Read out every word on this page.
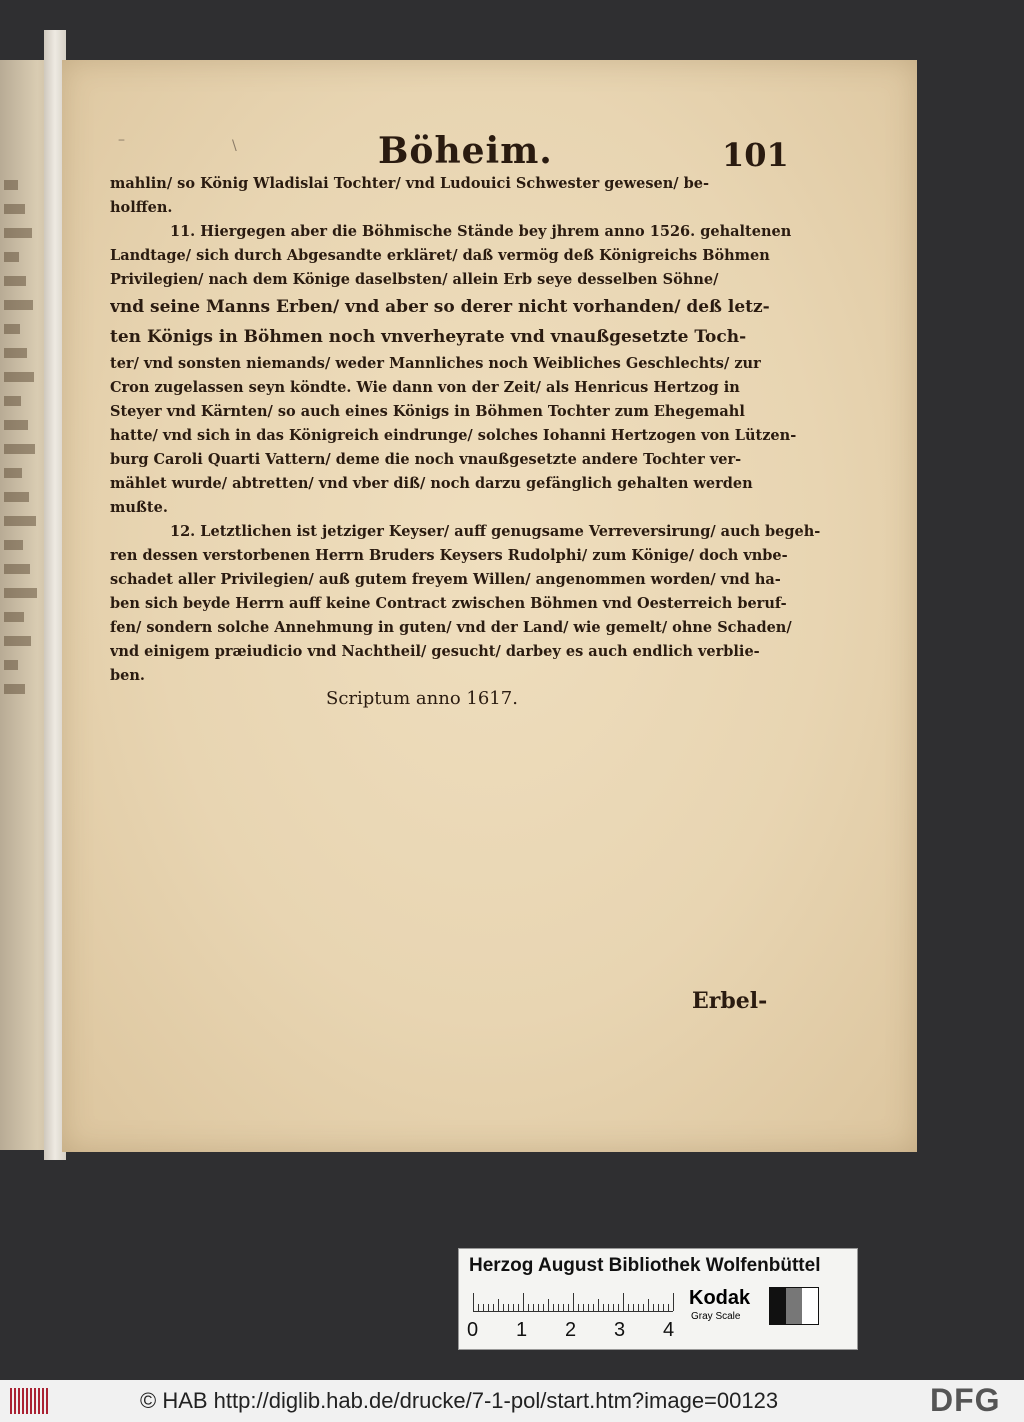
–	\	Böheim.	101
mahlin/ so König Wladislai Tochter/ vnd Ludouici Schwester gewesen/ be-
holffen.
11. Hiergegen aber die Böhmische Stände bey jhrem anno 1526. gehaltenen
Landtage/ sich durch Abgesandte erkläret/ daß vermög deß Königreichs Böhmen
Privilegien/ nach dem Könige daselbsten/ allein Erb seye desselben Söhne/
vnd seine Manns Erben/ vnd aber so derer nicht vorhanden/ deß letz-
ten Königs in Böhmen noch vnverheyrate vnd vnaußgesetzte Toch-
ter/ vnd sonsten niemands/ weder Mannliches noch Weibliches Geschlechts/ zur
Cron zugelassen seyn köndte. Wie dann von der Zeit/ als Henricus Hertzog in
Steyer vnd Kärnten/ so auch eines Königs in Böhmen Tochter zum Ehegemahl
hatte/ vnd sich in das Königreich eindrunge/ solches Iohanni Hertzogen von Lützen-
burg Caroli Quarti Vattern/ deme die noch vnaußgesetzte andere Tochter ver-
mählet wurde/ abtretten/ vnd vber diß/ noch darzu gefänglich gehalten werden
mußte.
12. Letztlichen ist jetziger Keyser/ auff genugsame Verreversirung/ auch begeh-
ren dessen verstorbenen Herrn Bruders Keysers Rudolphi/ zum Könige/ doch vnbe-
schadet aller Privilegien/ auß gutem freyem Willen/ angenommen worden/ vnd ha-
ben sich beyde Herrn auff keine Contract zwischen Böhmen vnd Oesterreich beruf-
fen/ sondern solche Annehmung in guten/ vnd der Land/ wie gemelt/ ohne Schaden/
vnd einigem præiudicio vnd Nachtheil/ gesucht/ darbey es auch endlich verblie-
ben.
Scriptum anno 1617.
Erbel-
Herzog August Bibliothek Wolfenbüttel
0 1 2 3 4
Kodak
Gray Scale
© HAB http://diglib.hab.de/drucke/7-1-pol/start.htm?image=00123	DFG
